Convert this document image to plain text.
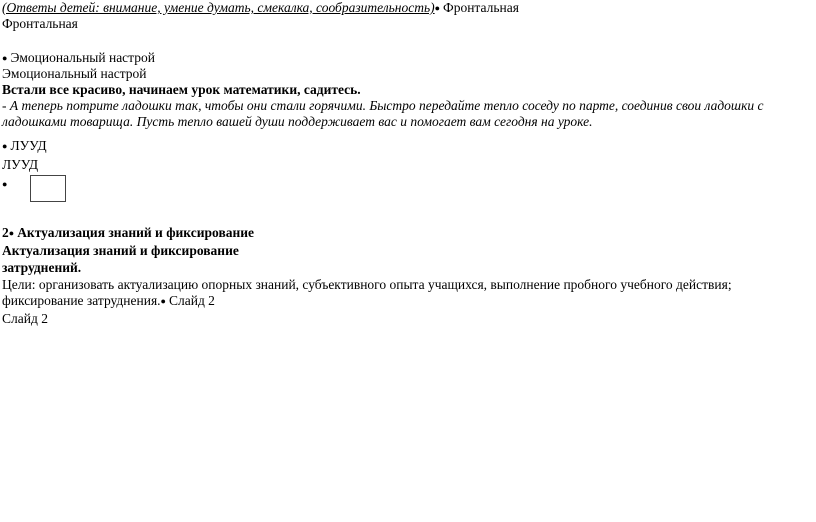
(Ответы детей: внимание, умение думать, смекалка, сообразительность) ● Фронтальная
Фронтальная
● Эмоциональный настрой
Эмоциональный настрой
Встали все красиво, начинаем урок математики, садитесь.
- А теперь потрите ладошки так, чтобы они стали горячими. Быстро передайте тепло соседу по парте, соединив свои ладошки с ладошками товарища. Пусть тепло вашей души поддерживает вас и помогает вам сегодня на уроке.
● ЛУУД
ЛУУД
●
2 ● Актуализация знаний и фиксирование
Актуализация знаний и фиксирование
затруднений.
Цели: организовать актуализацию опорных знаний, субъективного опыта учащихся, выполнение пробного учебного действия; фиксирование затруднения. ● Слайд 2
Слайд 2
